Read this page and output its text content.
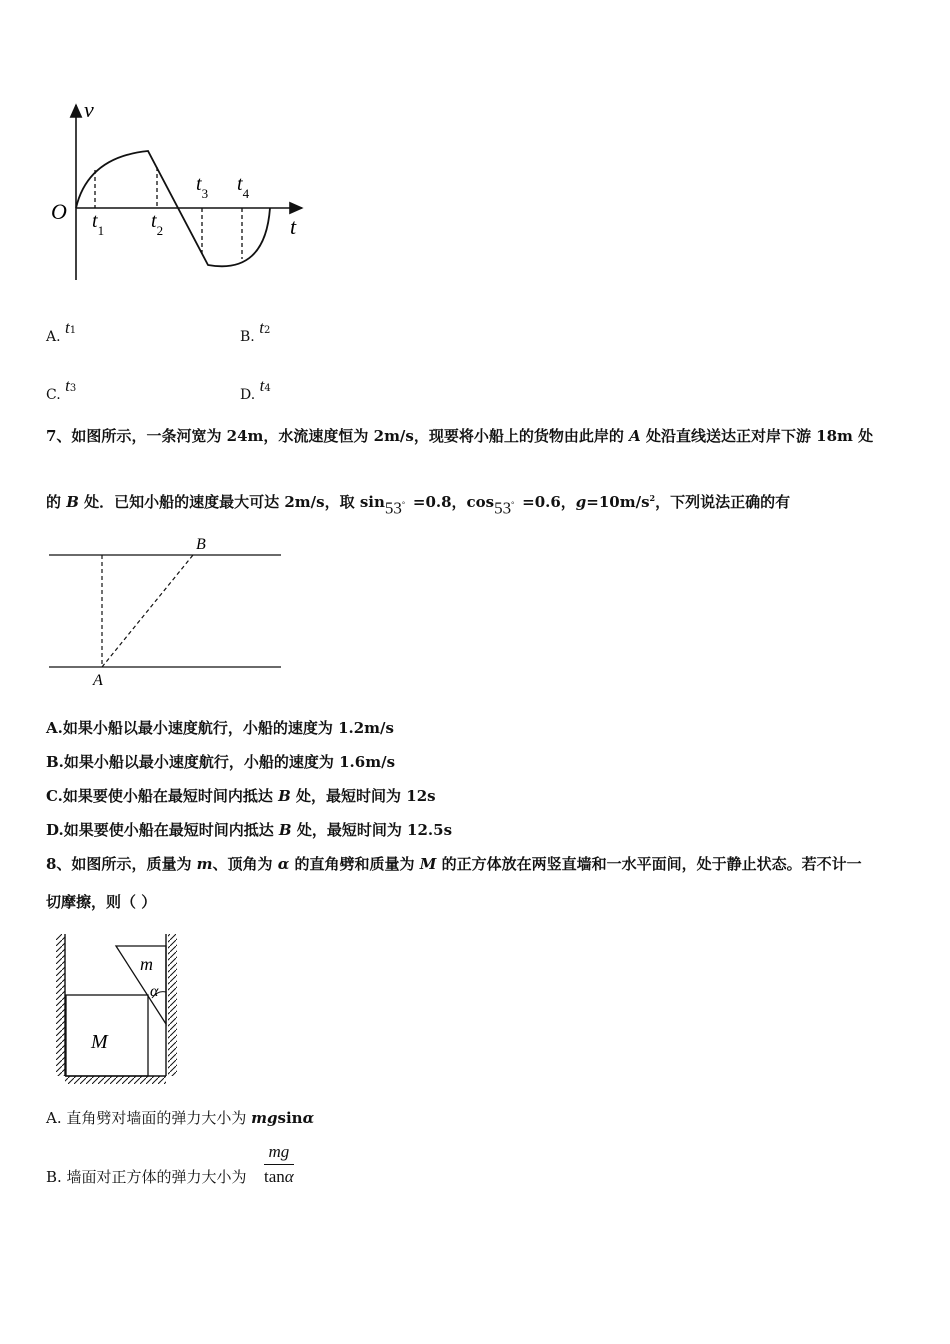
v
O
t
$t_1$ $t_2$
$t_3$ $t_4$
A. t1	B. t2
C. t3	D. t4
7、如图所示，一条河宽为 24m，水流速度恒为 2m/s，现要将小船上的货物由此岸的 A 处沿直线送达正对岸下游 18m 处
的 B 处．已知小船的速度最大可达 2m/s，取 sin 53° =0.8，cos 53° =0.6，$g=10m/s^2$，下列说法正确的有
B
A
A.如果小船以最小速度航行，小船的速度为 1.2m/s
B.如果小船以最小速度航行，小船的速度为 1.6m/s
C.如果要使小船在最短时间内抵达 B 处，最短时间为 12s
D.如果要使小船在最短时间内抵达 B 处，最短时间为 12.5s
8、如图所示，质量为 m、顶角为 α 的直角劈和质量为 M 的正方体放在两竖直墙和一水平面间，处于静止状态。若不计一
切摩擦，则（ ）
m
α
M
A. 直角劈对墙面的弹力大小为 mgsinα
B. 墙面对正方体的弹力大小为 $\frac{mg}{\tan\alpha}$
